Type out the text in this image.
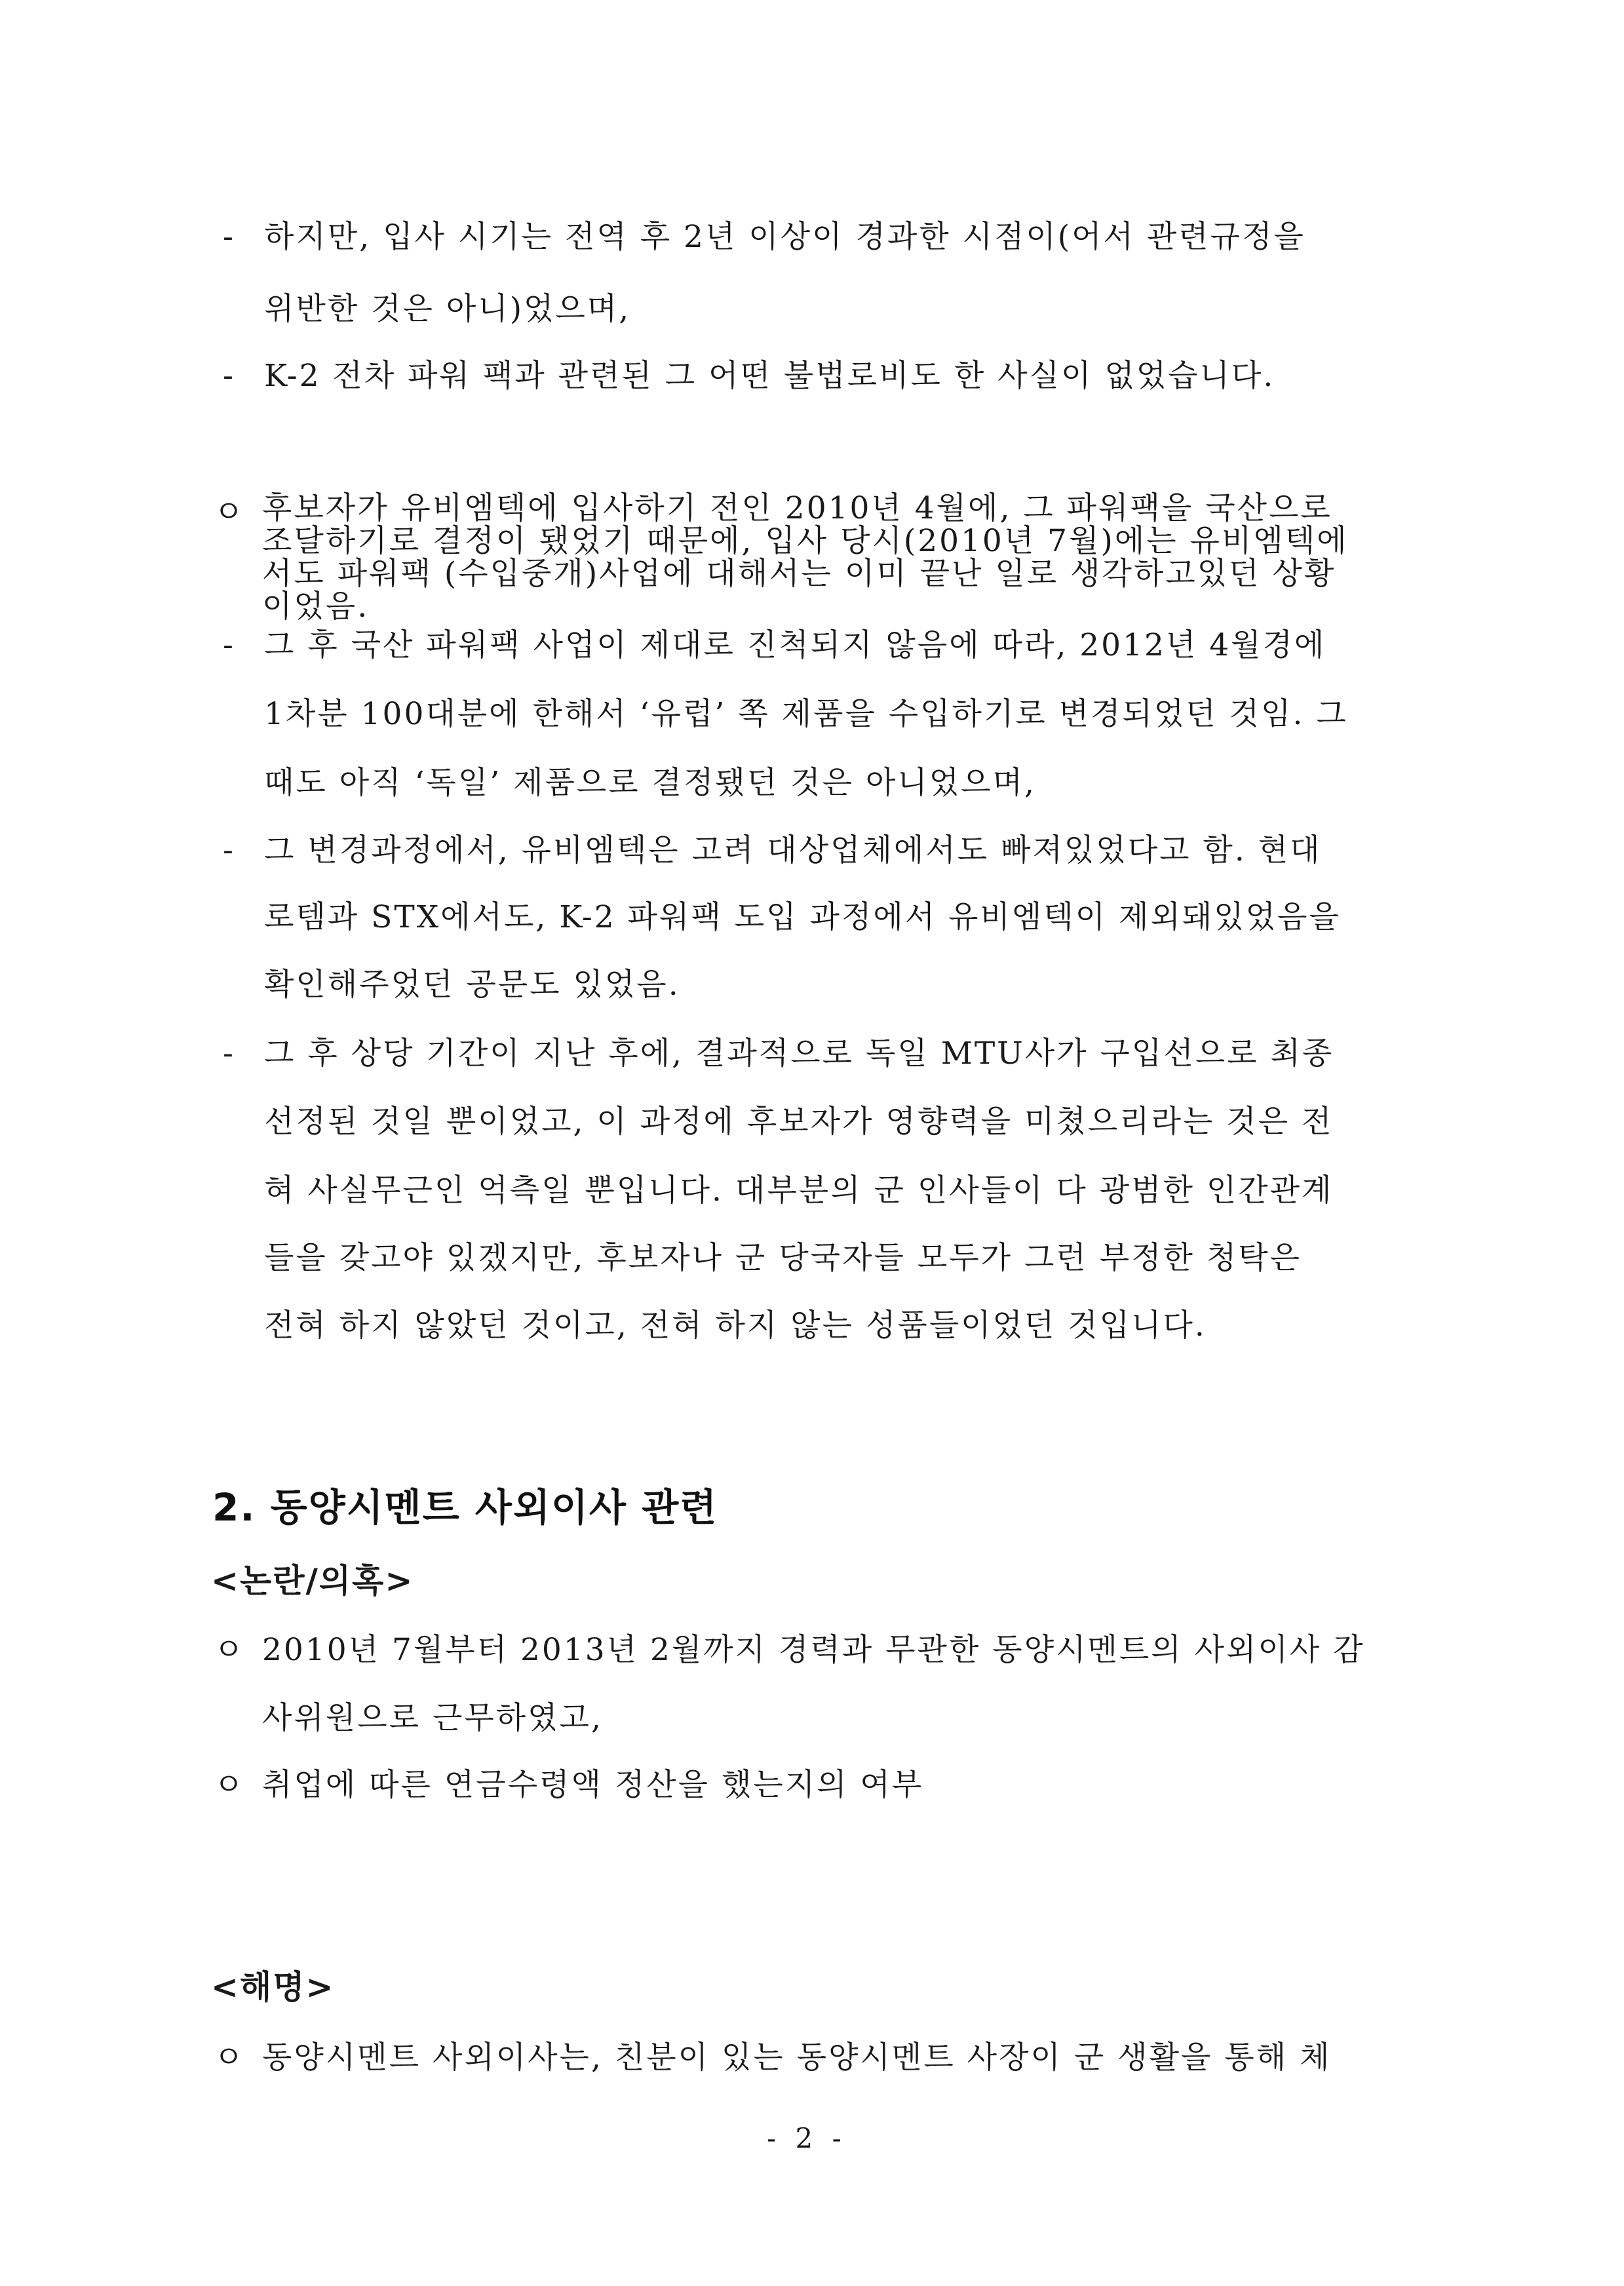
- 하지만, 입사 시기는 전역 후 2년 이상이 경과한 시점이(어서 관련규정을
위반한 것은 아니)었으며,
- K-2 전차 파워 팩과 관련된 그 어떤 불법로비도 한 사실이 없었습니다.
ㅇ 후보자가 유비엠텍에 입사하기 전인 2010년 4월에, 그 파워팩을 국산으로
조달하기로 결정이 됐었기 때문에, 입사 당시(2010년 7월)에는 유비엠텍에
서도 파워팩 (수입중개)사업에 대해서는 이미 끝난 일로 생각하고있던 상황
이었음.
- 그 후 국산 파워팩 사업이 제대로 진척되지 않음에 따라, 2012년 4월경에
1차분 100대분에 한해서 ‘유럽’ 쪽 제품을 수입하기로 변경되었던 것임. 그
때도 아직 ‘독일’ 제품으로 결정됐던 것은 아니었으며,
- 그 변경과정에서, 유비엠텍은 고려 대상업체에서도 빠져있었다고 함. 현대
로템과 STX에서도, K-2 파워팩 도입 과정에서 유비엠텍이 제외돼있었음을
확인해주었던 공문도 있었음.
- 그 후 상당 기간이 지난 후에, 결과적으로 독일 MTU사가 구입선으로 최종
선정된 것일 뿐이었고, 이 과정에 후보자가 영향력을 미쳤으리라는 것은 전
혀 사실무근인 억측일 뿐입니다. 대부분의 군 인사들이 다 광범한 인간관계
들을 갖고야 있겠지만, 후보자나 군 당국자들 모두가 그런 부정한 청탁은
전혀 하지 않았던 것이고, 전혀 하지 않는 성품들이었던 것입니다.
2. 동양시멘트 사외이사 관련
<논란/의혹>
ㅇ 2010년 7월부터 2013년 2월까지 경력과 무관한 동양시멘트의 사외이사 감
사위원으로 근무하였고,
ㅇ 취업에 따른 연금수령액 정산을 했는지의 여부
<해명>
ㅇ 동양시멘트 사외이사는, 친분이 있는 동양시멘트 사장이 군 생활을 통해 체
- 2 -
